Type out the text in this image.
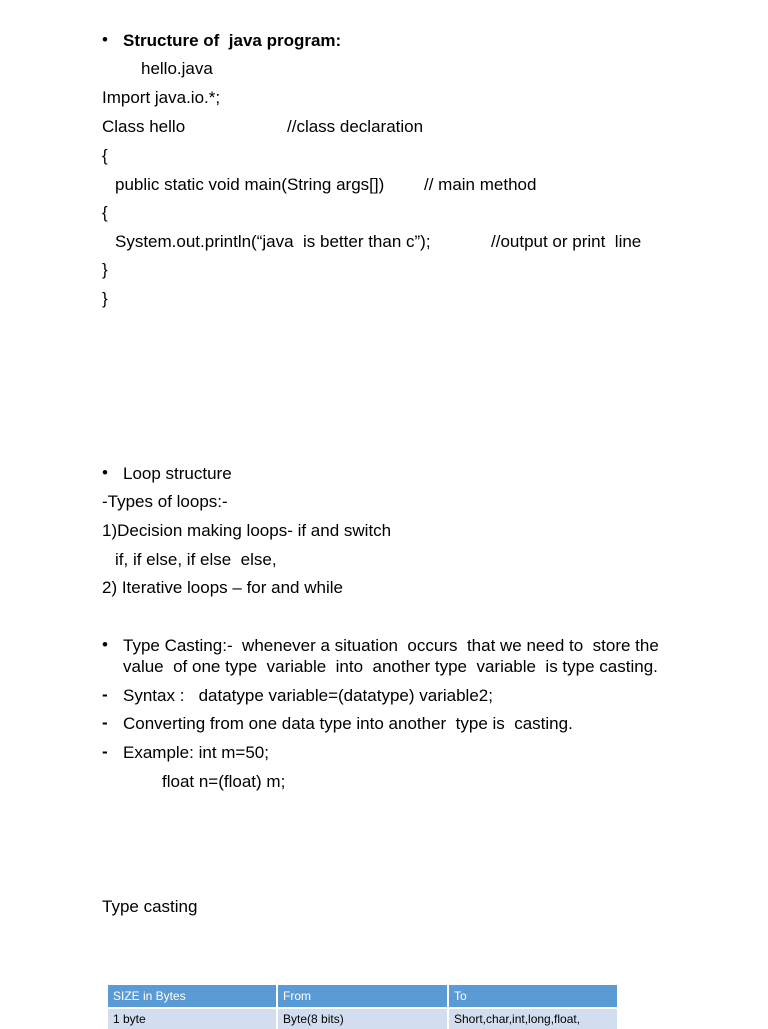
• Structure of  java program:
hello.java
Import java.io.*;
Class hello	//class declaration
{
public static void main(String args[]) // main method
{
System.out.println(“java  is better than c”);	//output or print  line
}
}
• Loop structure
-Types of loops:-
1)Decision making loops- if and switch
if, if else, if else  else,
2) Iterative loops – for and while
• Type Casting:-  whenever a situation  occurs  that we need to  store the
value  of one type  variable  into  another type  variable  is type casting.
- Syntax :   datatype variable=(datatype) variable2;
- Converting from one data type into another  type is  casting.
- Example: int m=50;
float n=(float) m;
Type casting
SIZE in Bytes	From	To
1 byte	Byte(8 bits)	Short,char,int,long,float,
